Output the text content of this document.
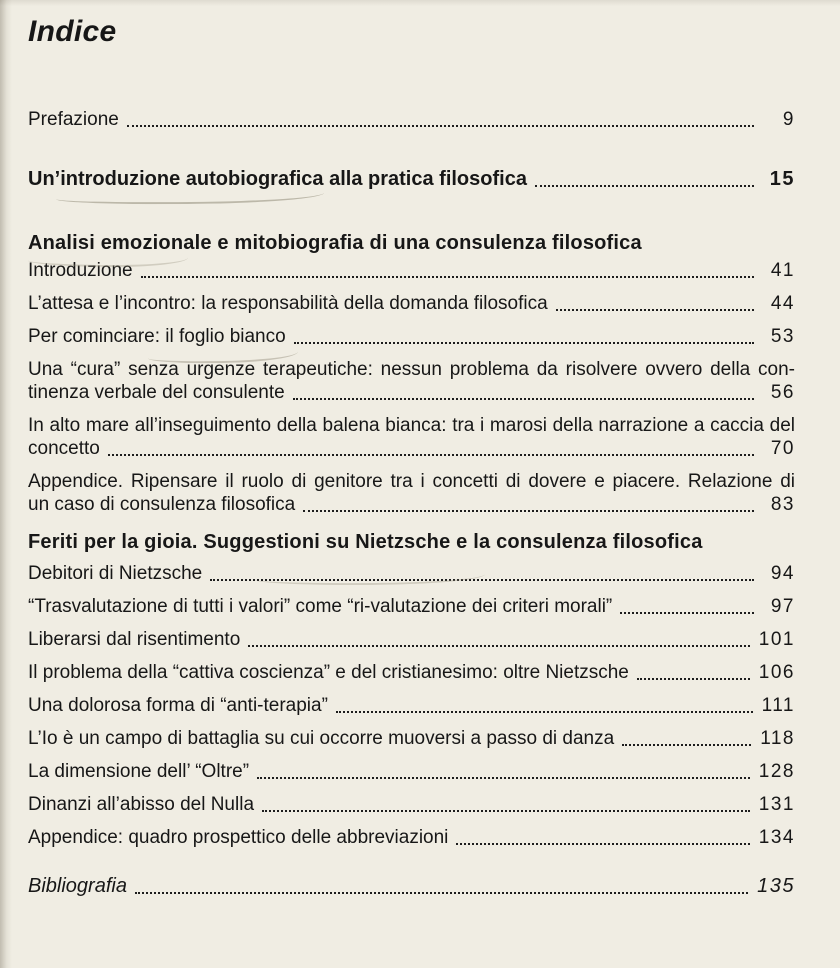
Indice
Prefazione	9
Un’introduzione autobiografica alla pratica filosofica	15
Analisi emozionale e mitobiografia di una consulenza filosofica
Introduzione	41
L’attesa e l’incontro: la responsabilità della domanda filosofica	44
Per cominciare: il foglio bianco	53
Una “cura” senza urgenze terapeutiche: nessun problema da risolvere ovvero della con-
tinenza verbale del consulente	56
In alto mare all’inseguimento della balena bianca: tra i marosi della narrazione a caccia del
concetto	70
Appendice. Ripensare il ruolo di genitore tra i concetti di dovere e piacere. Relazione di
un caso di consulenza filosofica	83
Feriti per la gioia. Suggestioni su Nietzsche e la consulenza filosofica
Debitori di Nietzsche	94
“Trasvalutazione di tutti i valori” come “ri-valutazione dei criteri morali”	97
Liberarsi dal risentimento	101
Il problema della “cattiva coscienza” e del cristianesimo: oltre Nietzsche	106
Una dolorosa forma di “anti-terapia”	111
L’Io è un campo di battaglia su cui occorre muoversi a passo di danza	118
La dimensione dell’ “Oltre”	128
Dinanzi all’abisso del Nulla	131
Appendice: quadro prospettico delle abbreviazioni	134
Bibliografia	135
